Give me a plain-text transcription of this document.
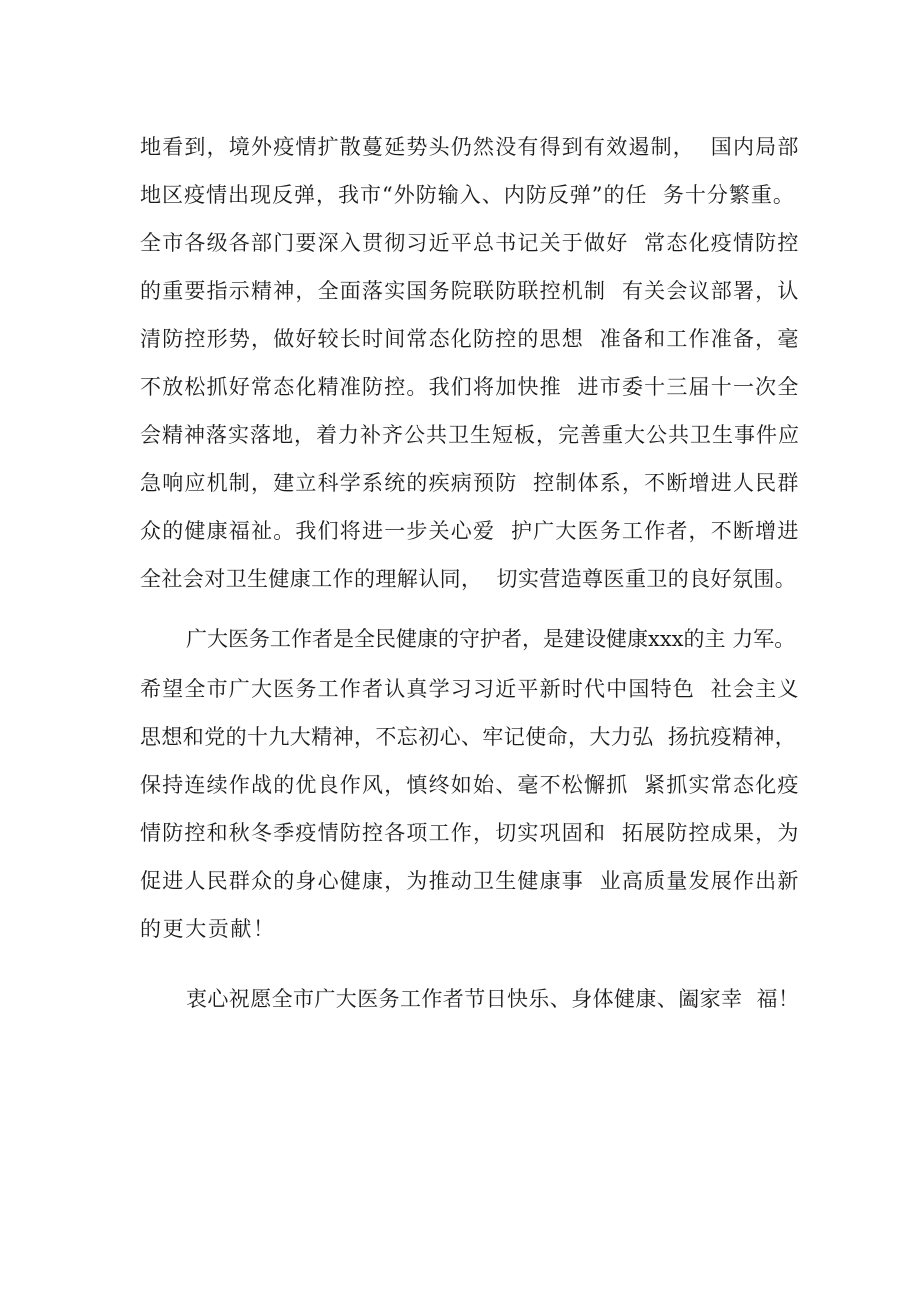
地看到，境外疫情扩散蔓延势头仍然没有得到有效遏制，  国内局部
地区疫情出现反弹，我市“外防输入、内防反弹”的任  务十分繁重。
全市各级各部门要深入贯彻习近平总书记关于做好  常态化疫情防控
的重要指示精神，全面落实国务院联防联控机制  有关会议部署，认
清防控形势，做好较长时间常态化防控的思想  准备和工作准备，毫
不放松抓好常态化精准防控。我们将加快推  进市委十三届十一次全
会精神落实落地，着力补齐公共卫生短板，完善重大公共卫生事件应
急响应机制，建立科学系统的疾病预防  控制体系，不断增进人民群
众的健康福祉。我们将进一步关心爱  护广大医务工作者，不断增进
全社会对卫生健康工作的理解认同，  切实营造尊医重卫的良好氛围。
广大医务工作者是全民健康的守护者，是建设健康xxx的主 力军。
希望全市广大医务工作者认真学习习近平新时代中国特色  社会主义
思想和党的十九大精神，不忘初心、牢记使命，大力弘  扬抗疫精神，
保持连续作战的优良作风，慎终如始、毫不松懈抓  紧抓实常态化疫
情防控和秋冬季疫情防控各项工作，切实巩固和  拓展防控成果，为
促进人民群众的身心健康，为推动卫生健康事  业高质量发展作出新
的更大贡献！
衷心祝愿全市广大医务工作者节日快乐、身体健康、阖家幸  福！
